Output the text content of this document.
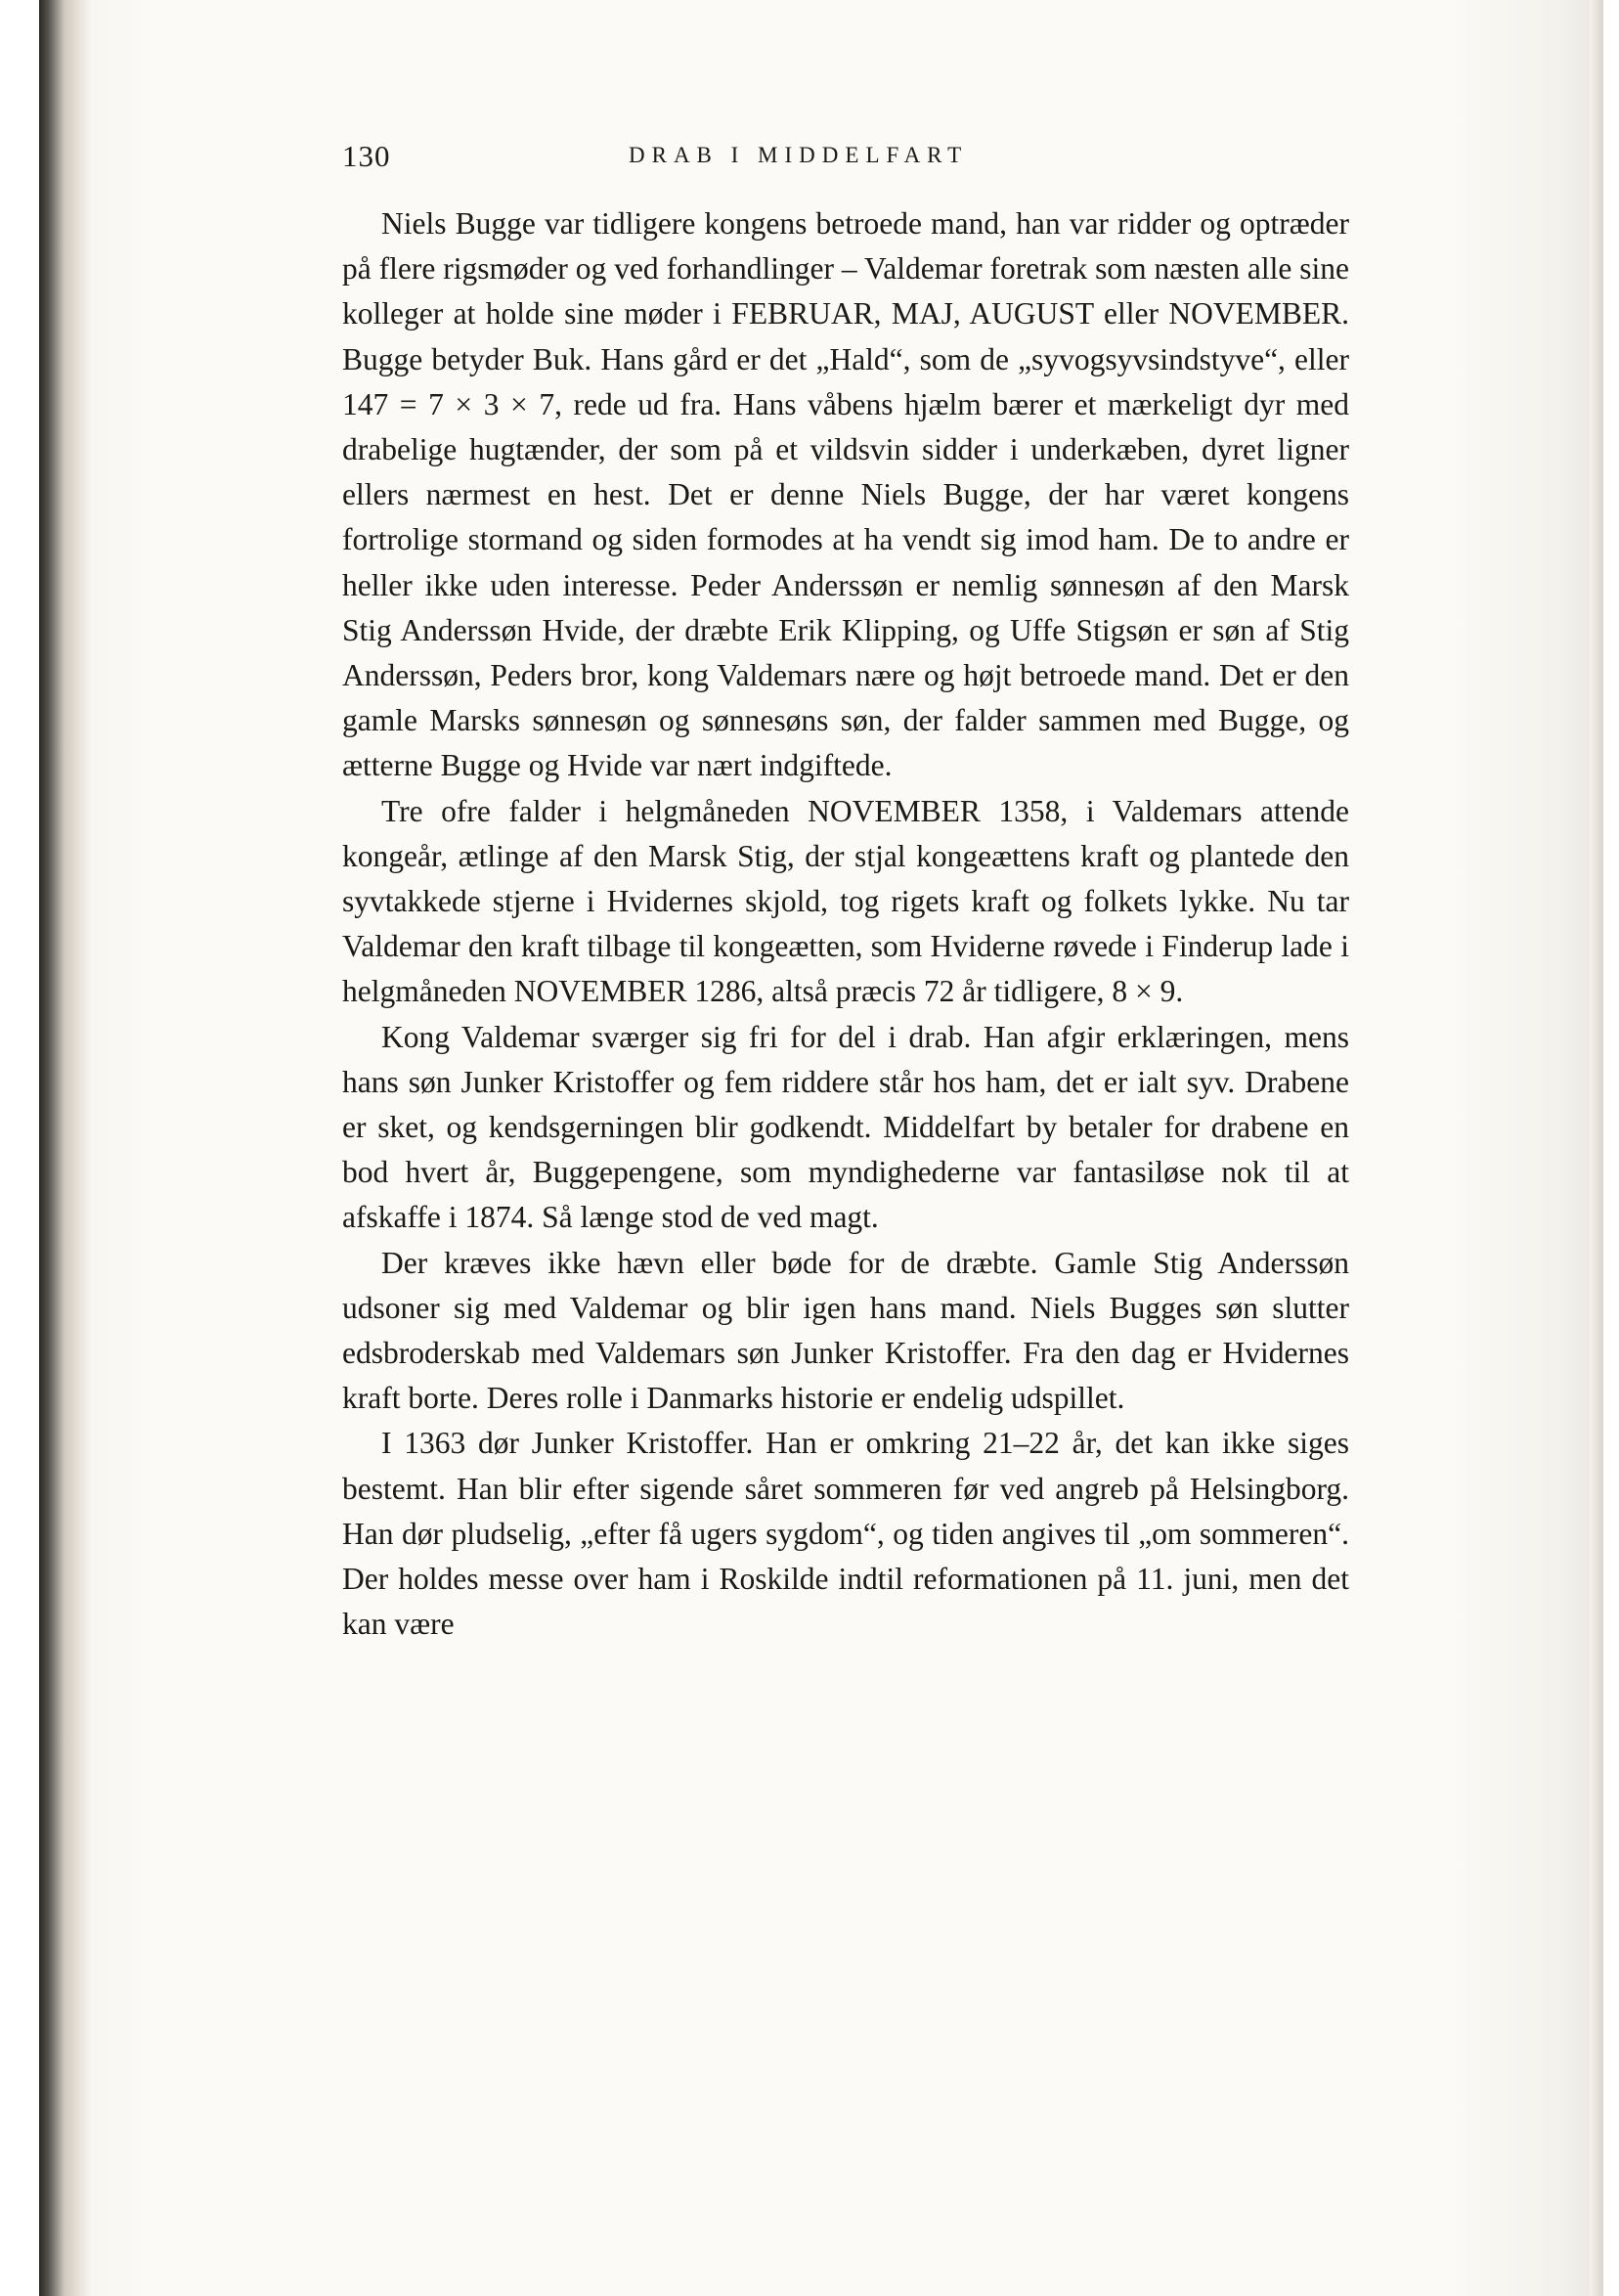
130	DRAB I MIDDELFART

Niels Bugge var tidligere kongens betroede mand, han var ridder og optræder på flere rigsmøder og ved forhandlinger – Valdemar foretrak som næsten alle sine kolleger at holde sine møder i FEBRUAR, MAJ, AUGUST eller NOVEMBER. Bugge betyder Buk. Hans gård er det „Hald“, som de „syvogsyvsindstyve“, eller 147 = 7 × 3 × 7, rede ud fra. Hans våbens hjælm bærer et mærkeligt dyr med drabelige hugtænder, der som på et vildsvin sidder i underkæben, dyret ligner ellers nærmest en hest. Det er denne Niels Bugge, der har været kongens fortrolige stormand og siden formodes at ha vendt sig imod ham. De to andre er heller ikke uden interesse. Peder Anderssøn er nemlig sønnesøn af den Marsk Stig Anderssøn Hvide, der dræbte Erik Klipping, og Uffe Stigsøn er søn af Stig Anderssøn, Peders bror, kong Valdemars nære og højt betroede mand. Det er den gamle Marsks sønnesøn og sønnesøns søn, der falder sammen med Bugge, og ætterne Bugge og Hvide var nært indgiftede.

Tre ofre falder i helgmåneden NOVEMBER 1358, i Valdemars attende kongeår, ætlinge af den Marsk Stig, der stjal kongeættens kraft og plantede den syvtakkede stjerne i Hvidernes skjold, tog rigets kraft og folkets lykke. Nu tar Valdemar den kraft tilbage til kongeætten, som Hviderne røvede i Finderup lade i helgmåneden NOVEMBER 1286, altså præcis 72 år tidligere, 8 × 9.

Kong Valdemar sværger sig fri for del i drab. Han afgir erklæringen, mens hans søn Junker Kristoffer og fem riddere står hos ham, det er ialt syv. Drabene er sket, og kendsgerningen blir godkendt. Middelfart by betaler for drabene en bod hvert år, Buggepengene, som myndighederne var fantasiløse nok til at afskaffe i 1874. Så længe stod de ved magt.

Der kræves ikke hævn eller bøde for de dræbte. Gamle Stig Anderssøn udsoner sig med Valdemar og blir igen hans mand. Niels Bugges søn slutter edsbroderskab med Valdemars søn Junker Kristoffer. Fra den dag er Hvidernes kraft borte. Deres rolle i Danmarks historie er endelig udspillet.

I 1363 dør Junker Kristoffer. Han er omkring 21–22 år, det kan ikke siges bestemt. Han blir efter sigende såret sommeren før ved angreb på Helsingborg. Han dør pludselig, „efter få ugers sygdom“, og tiden angives til „om sommeren“. Der holdes messe over ham i Roskilde indtil reformationen på 11. juni, men det kan være
